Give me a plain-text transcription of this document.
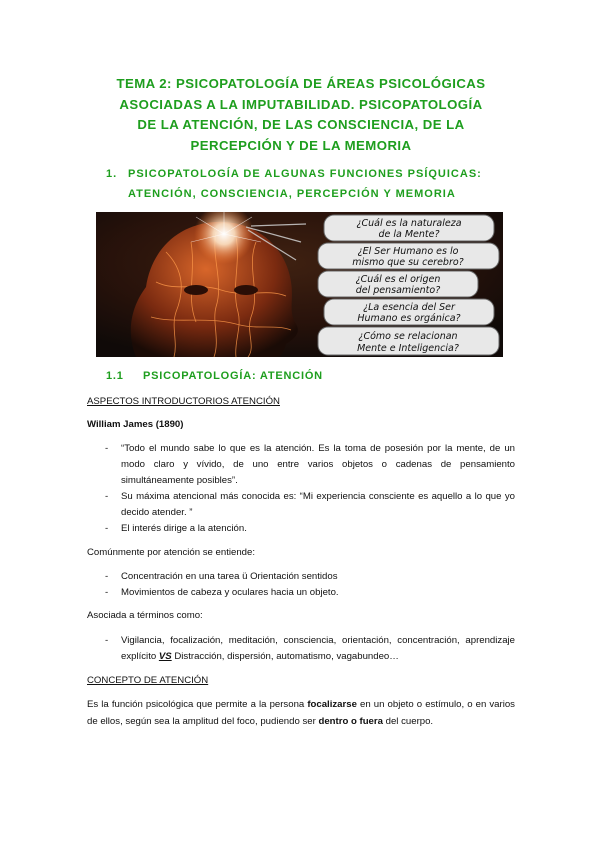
TEMA 2: PSICOPATOLOGÍA DE ÁREAS PSICOLÓGICAS
ASOCIADAS A LA IMPUTABILIDAD. PSICOPATOLOGÍA
DE LA ATENCIÓN, DE LAS CONSCIENCIA, DE LA
PERCEPCIÓN Y DE LA MEMORIA
1. PSICOPATOLOGÍA DE ALGUNAS FUNCIONES PSÍQUICAS:
ATENCIÓN, CONSCIENCIA, PERCEPCIÓN Y MEMORIA
¿Cuál es la naturaleza
de la Mente?
¿El Ser Humano es lo
mismo que su cerebro?
¿Cuál es el origen
del pensamiento?
¿La esencia del Ser
Humano es orgánica?
¿Cómo se relacionan
Mente e Inteligencia?
1.1 PSICOPATOLOGÍA: ATENCIÓN
ASPECTOS INTRODUCTORIOS ATENCIÓN
William James (1890)
- “Todo el mundo sabe lo que es la atención. Es la toma de posesión por la mente, de un modo claro y vívido, de uno entre varios objetos o cadenas de pensamiento simultáneamente posibles”.
- Su máxima atencional más conocida es: “Mi experiencia consciente es aquello a lo que yo decido atender. ”
- El interés dirige a la atención.
Comúnmente por atención se entiende:
- Concentración en una tarea ü Orientación sentidos
- Movimientos de cabeza y oculares hacia un objeto.
Asociada a términos como:
- Vigilancia, focalización, meditación, consciencia, orientación, concentración, aprendizaje explícito VS Distracción, dispersión, automatismo, vagabundeo…
CONCEPTO DE ATENCIÓN
Es la función psicológica que permite a la persona focalizarse en un objeto o estímulo, o en varios de ellos, según sea la amplitud del foco, pudiendo ser dentro o fuera del cuerpo.
